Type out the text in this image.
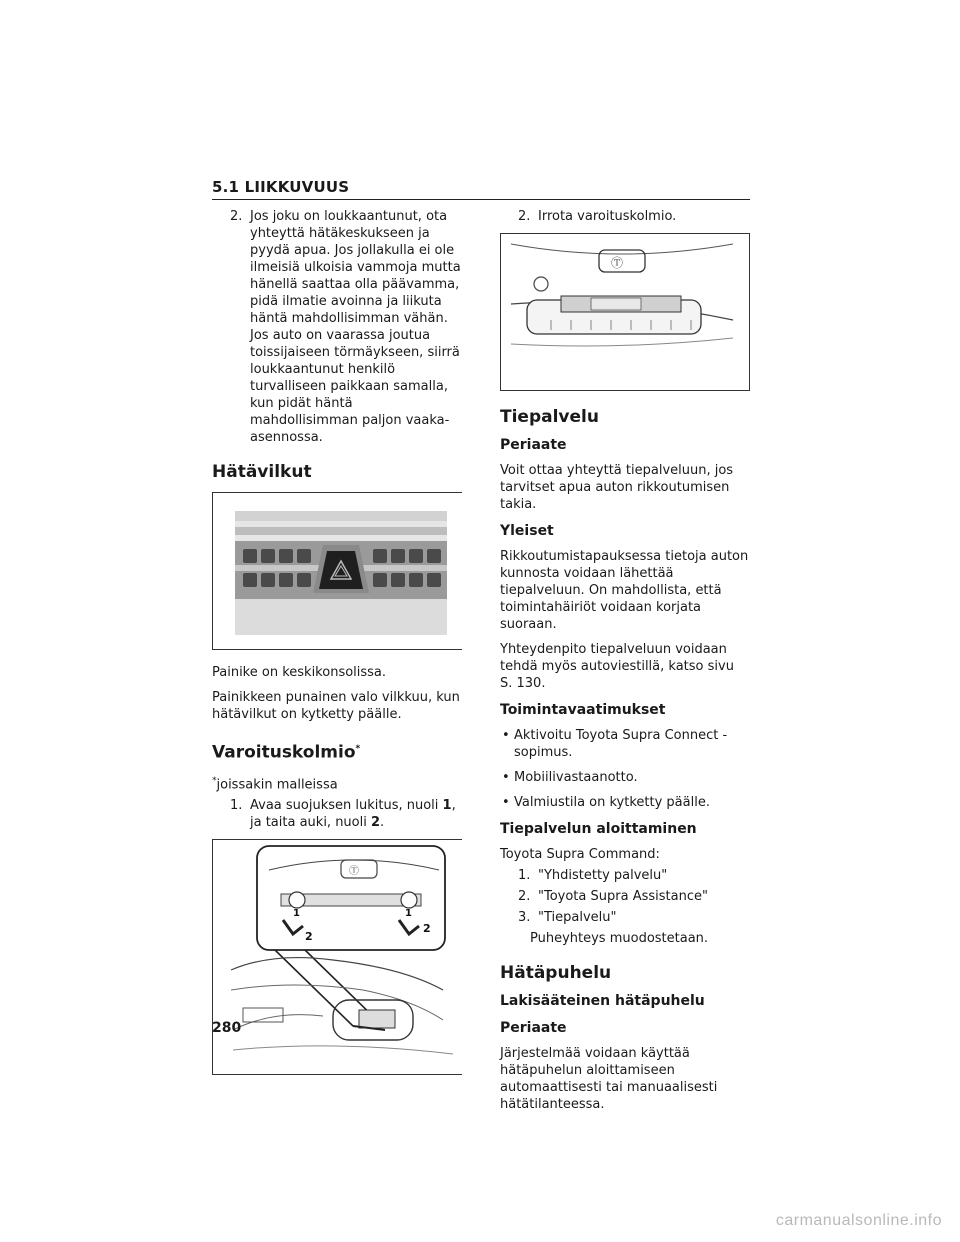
5.1 LIIKKUVUUS
2. Jos joku on loukkaantunut, ota yhteyttä hätäkeskukseen ja pyydä apua. Jos jollakulla ei ole ilmeisiä ulkoisia vammoja mutta hänellä saattaa olla päävamma, pidä ilmatie avoinna ja liikuta häntä mahdollisimman vähän. Jos auto on vaarassa joutua toissijaiseen törmäykseen, siirrä loukkaantunut henkilö turvalliseen paikkaan samalla, kun pidät häntä mahdollisimman paljon vaaka-asennossa.
Hätävilkut

Painike on keskikonsolissa.

Painikkeen punainen valo vilkkuu, kun hätävilkut on kytketty päälle.

Varoituskolmio*

*joissakin malleissa

1. Avaa suojuksen lukitus, nuoli 1, ja taita auki, nuoli 2.
Ⓣ
1	1
2
2
2. Irrota varoituskolmio.
Ⓣ
Tiepalvelu
Periaate

Voit ottaa yhteyttä tiepalveluun, jos tarvitset apua auton rikkoutumisen takia.

Yleiset

Rikkoutumistapauksessa tietoja auton kunnosta voidaan lähettää tiepalveluun. On mahdollista, että toimintahäiriöt voidaan korjata suoraan.

Yhteydenpito tiepalveluun voidaan tehdä myös autoviestillä, katso sivu S. 130.

Toimintavaatimukset
• Aktivoitu Toyota Supra Connect -sopimus.
• Mobiilivastaanotto.
• Valmiustila on kytketty päälle.
Tiepalvelun aloittaminen

Toyota Supra Command:

1. "Yhdistetty palvelu"
2. "Toyota Supra Assistance"
3. "Tiepalvelu"

Puheyhteys muodostetaan.

Hätäpuhelu
Lakisääteinen hätäpuhelu
Periaate

Järjestelmää voidaan käyttää hätäpuhelun aloittamiseen automaattisesti tai manuaalisesti hätätilanteessa.

280
carmanualsonline.info
